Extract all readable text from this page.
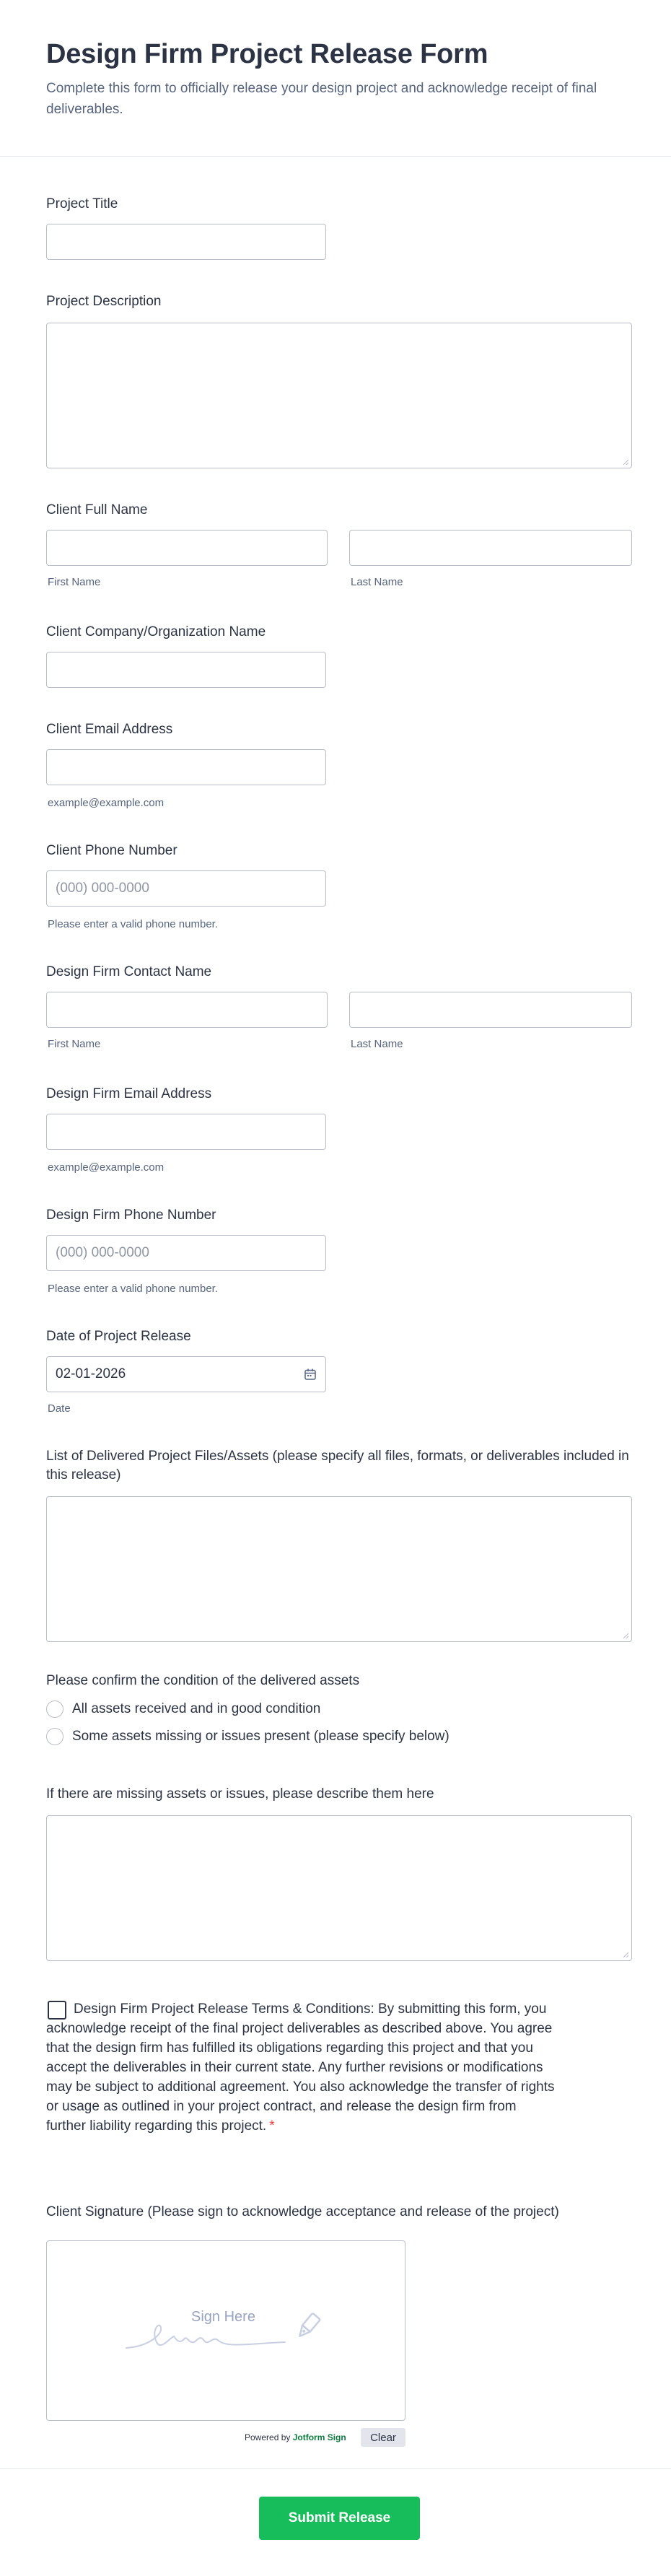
Design Firm Project Release Form

Complete this form to officially release your design project and acknowledge receipt of final deliverables.

Project Title
Project Description
Client Full Name
First Name	Last Name
Client Company/Organization Name
Client Email Address
example@example.com
Client Phone Number
(000) 000-0000
Please enter a valid phone number.
Design Firm Contact Name
First Name	Last Name
Design Firm Email Address
example@example.com
Design Firm Phone Number
(000) 000-0000
Please enter a valid phone number.
Date of Project Release
02-01-2026
Date
List of Delivered Project Files/Assets (please specify all files, formats, or deliverables included in this release)
Please confirm the condition of the delivered assets
All assets received and in good condition
Some assets missing or issues present (please specify below)
If there are missing assets or issues, please describe them here

Design Firm Project Release Terms & Conditions: By submitting this form, you acknowledge receipt of the final project deliverables as described above. You agree that the design firm has fulfilled its obligations regarding this project and that you accept the deliverables in their current state. Any further revisions or modifications may be subject to additional agreement. You also acknowledge the transfer of rights or usage as outlined in your project contract, and release the design firm from further liability regarding this project. *

Client Signature (Please sign to acknowledge acceptance and release of the project)
Sign Here
Powered by Jotform Sign	Clear
Submit Release
